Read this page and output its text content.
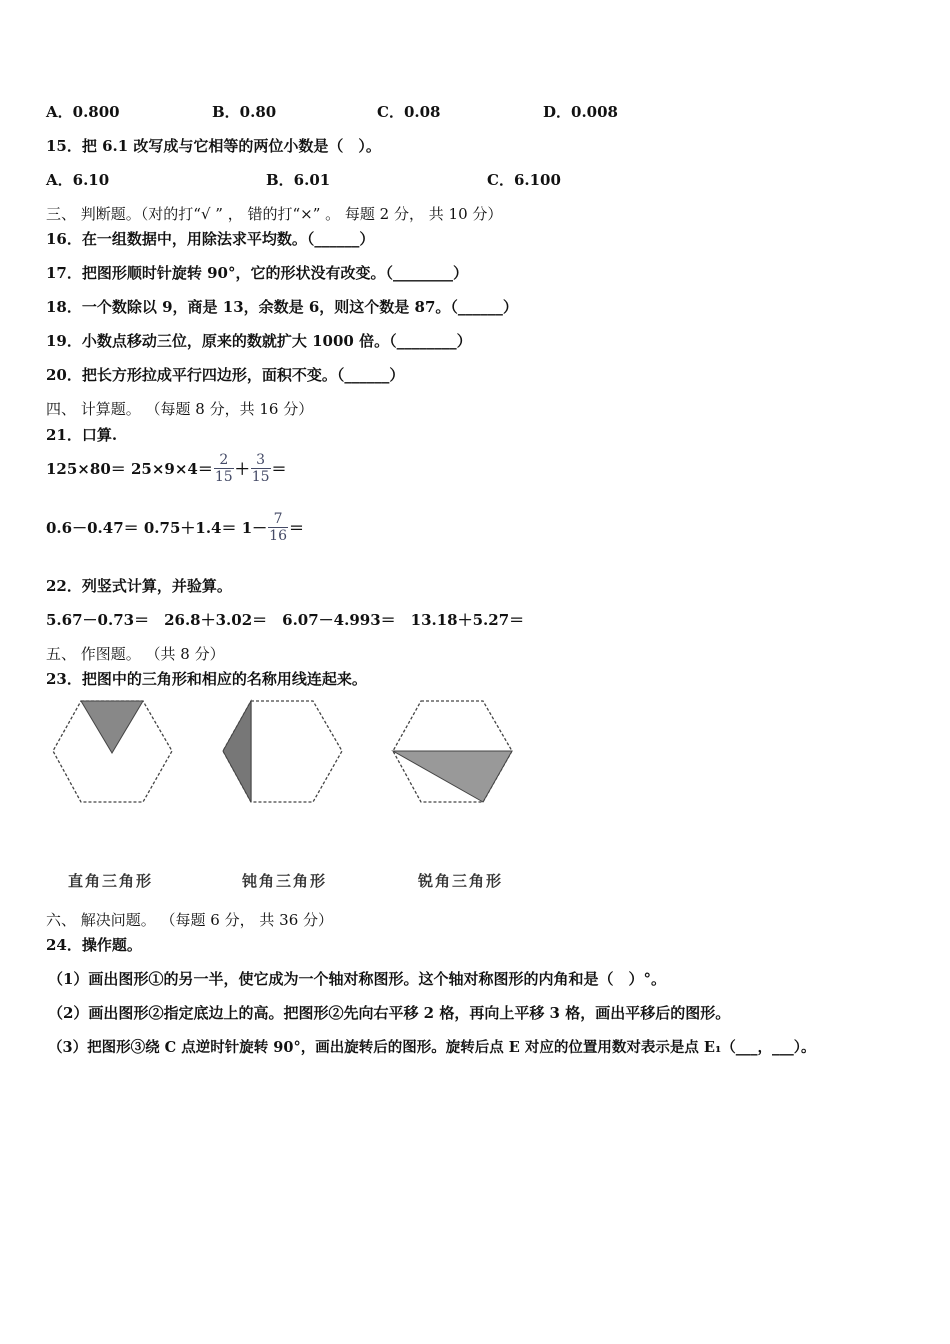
A．0.800	B．0.80	C．0.08	D．0.008
15．把 6.1 改写成与它相等的两位小数是（　）。
A．6.10	B．6.01	C．6.100
三、 判断题。（对的打“√ ” ， 错的打“×” 。 每题 2 分， 共 10 分）
16．在一组数据中，用除法求平均数。（______）
17．把图形顺时针旋转 90°，它的形状没有改变。（________）
18．一个数除以 9，商是 13，余数是 6，则这个数是 87。（______）
19．小数点移动三位，原来的数就扩大 1000 倍。（________）
20．把长方形拉成平行四边形，面积不变。（______）
四、 计算题。 （每题 8 分，共 16 分）
21．口算.
$125\times 80= 25\times 9\times 4= \frac{2}{15} + \frac{3}{15}$ ＝
$0.6-0.47= 0.75+1.4= 1- \frac{7}{16}$ ＝
22．列竖式计算，并验算。
5.67－0.73＝　26.8＋3.02＝　6.07－4.993＝　13.18＋5.27＝
五、 作图题。 （共 8 分）
23．把图中的三角形和相应的名称用线连起来。
直角三角形	钝角三角形	锐角三角形
六、 解决问题。 （每题 6 分， 共 36 分）
24．操作题。
（1）画出图形①的另一半，使它成为一个轴对称图形。这个轴对称图形的内角和是（　）°。
（2）画出图形②指定底边上的高。把图形②先向右平移 2 格，再向上平移 3 格，画出平移后的图形。
（3）把图形③绕 C 点逆时针旋转 90°，画出旋转后的图形。旋转后点 E 对应的位置用数对表示是点 E₁（___，___）。
